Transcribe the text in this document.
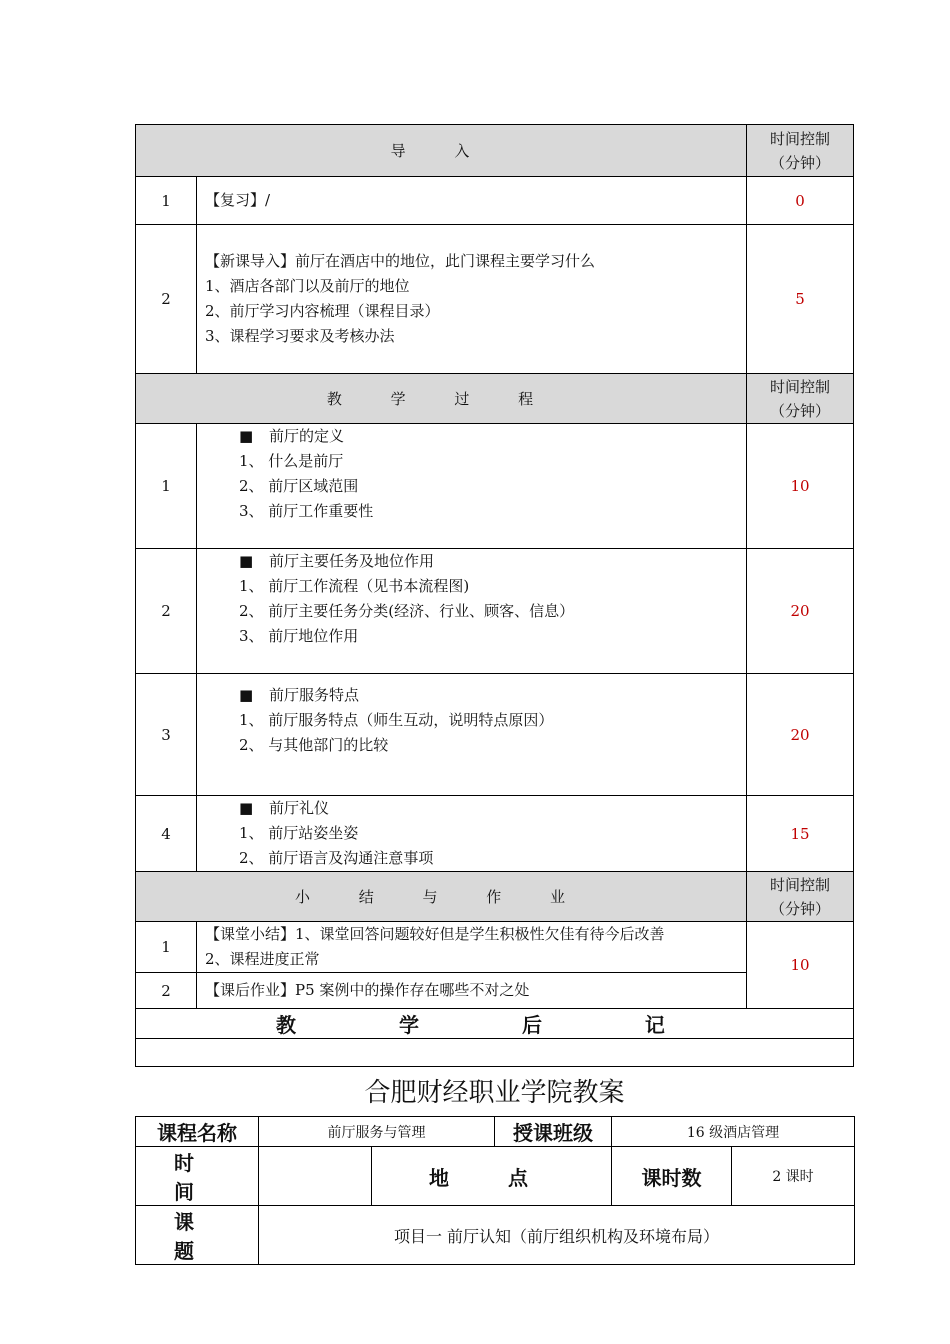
导 入		时间控制
（分钟）

1	【复习】/	0
2	【新课导入】前厅在酒店中的地位，此门课程主要学习什么
1、酒店各部门以及前厅的地位
2、前厅学习内容梳理（课程目录）
3、课程学习要求及考核办法	5
教 学 过 程		时间控制
（分钟）

1	■ 前厅的定义
1、 什么是前厅
2、 前厅区域范围
3、 前厅工作重要性	10
2	■ 前厅主要任务及地位作用
1、 前厅工作流程（见书本流程图)
2、 前厅主要任务分类(经济、行业、顾客、信息）
3、 前厅地位作用	20
3	■ 前厅服务特点
1、 前厅服务特点（师生互动，说明特点原因）
2、 与其他部门的比较	20
4	■ 前厅礼仪
1、 前厅站姿坐姿
2、 前厅语言及沟通注意事项	15
小 结 与 作 业		时间控制
（分钟）

1	【课堂小结】1、课堂回答问题较好但是学生积极性欠佳有待今后改善
2、课程进度正常	10
2	【课后作业】P5 案例中的操作存在哪些不对之处	

教 学 后 记		

合肥财经职业学院教案
课程名称	前厅服务与管理		授课班级	16 级酒店管理	
时 间		地 点		课时数	2 课时
课 题	项目一 前厅认知（前厅组织机构及环境布局）				
